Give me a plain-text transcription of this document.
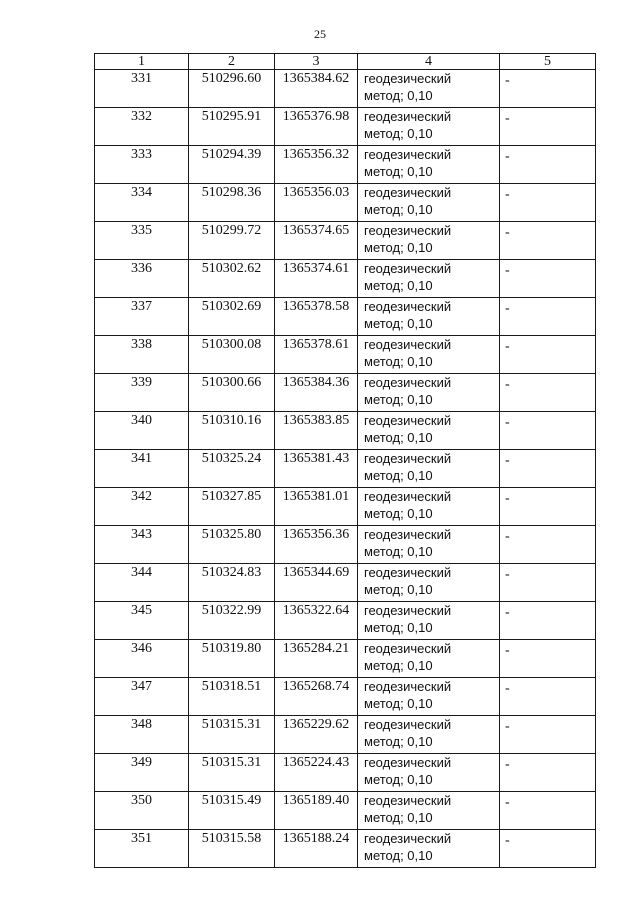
25
1	2	3	4	5
331	510296.60	1365384.62	геодезический
метод; 0,10	-
332	510295.91	1365376.98	геодезический
метод; 0,10	-
333	510294.39	1365356.32	геодезический
метод; 0,10	-
334	510298.36	1365356.03	геодезический
метод; 0,10	-
335	510299.72	1365374.65	геодезический
метод; 0,10	-
336	510302.62	1365374.61	геодезический
метод; 0,10	-
337	510302.69	1365378.58	геодезический
метод; 0,10	-
338	510300.08	1365378.61	геодезический
метод; 0,10	-
339	510300.66	1365384.36	геодезический
метод; 0,10	-
340	510310.16	1365383.85	геодезический
метод; 0,10	-
341	510325.24	1365381.43	геодезический
метод; 0,10	-
342	510327.85	1365381.01	геодезический
метод; 0,10	-
343	510325.80	1365356.36	геодезический
метод; 0,10	-
344	510324.83	1365344.69	геодезический
метод; 0,10	-
345	510322.99	1365322.64	геодезический
метод; 0,10	-
346	510319.80	1365284.21	геодезический
метод; 0,10	-
347	510318.51	1365268.74	геодезический
метод; 0,10	-
348	510315.31	1365229.62	геодезический
метод; 0,10	-
349	510315.31	1365224.43	геодезический
метод; 0,10	-
350	510315.49	1365189.40	геодезический
метод; 0,10	-
351	510315.58	1365188.24	геодезический
метод; 0,10	-
